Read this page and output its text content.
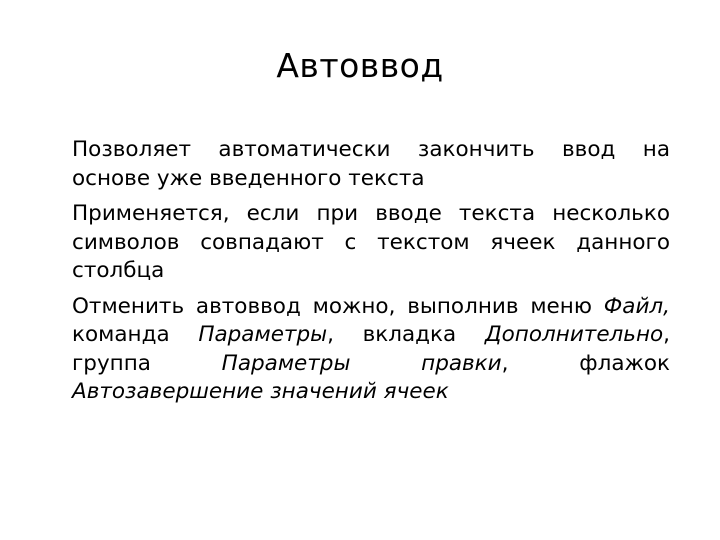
Автоввод

Позволяет автоматически закончить ввод на основе уже введенного текста

Применяется, если при вводе текста несколько символов совпадают с текстом ячеек данного столбца

Отменить автоввод можно, выполнив меню Файл, команда Параметры, вкладка Дополнительно, группа Параметры правки, флажок Автозавершение значений ячеек
